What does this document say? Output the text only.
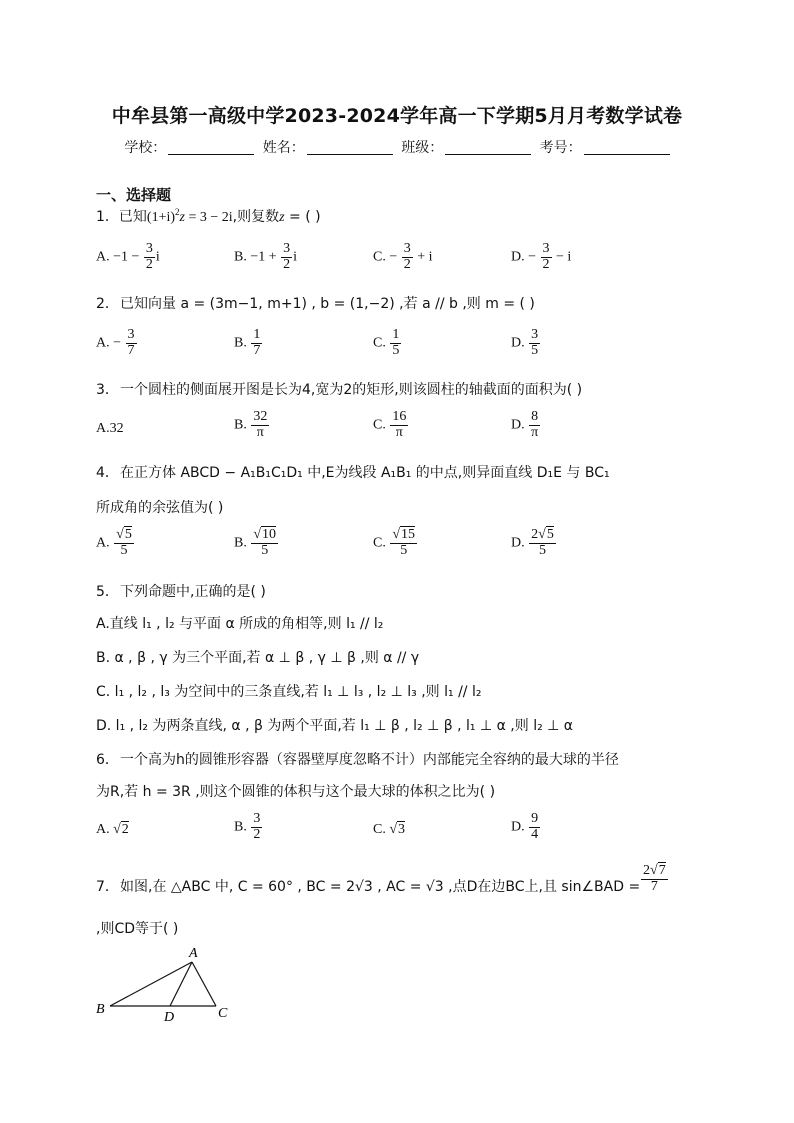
中牟县第一高级中学2023-2024学年高一下学期5月月考数学试卷
学校：	姓名：	班级：	考号：
一、选择题
1．已知$(1+i)^2z = 3 - 2i$,则复数z = ( )
A. $-1 - \frac{3}{2}$ i	B. $-1 + \frac{3}{2}$ i	C. − $\frac{3}{2} + i$	D. − $\frac{3}{2} - i$
2． 已知向量 a = (3m−1, m+1) , b = (1,−2) ,若 a // b ,则 m = ( )
A. − $\frac{3}{7}$	B. $\frac{1}{7}$	C. $\frac{1}{5}$	D. $\frac{3}{5}$
3． 一个圆柱的侧面展开图是长为4,宽为2的矩形,则该圆柱的轴截面的面积为( )
A.32	B. $\frac{32}{\pi}$	C. $\frac{16}{\pi}$	D. $\frac{8}{\pi}$
4． 在正方体 ABCD − A₁B₁C₁D₁ 中,E为线段 A₁B₁ 的中点,则异面直线 D₁E 与 BC₁
所成角的余弦值为( )
A. $\frac{√5}{5}$	B. $\frac{√10}{5}$	C. $\frac{√15}{5}$	D. $\frac{2√5}{5}$
5． 下列命题中,正确的是( )
A.直线 l₁ , l₂ 与平面 α 所成的角相等,则 l₁ // l₂
B. α , β , γ 为三个平面,若 α ⊥ β , γ ⊥ β ,则 α // γ
C. l₁ , l₂ , l₃ 为空间中的三条直线,若 l₁ ⊥ l₃ , l₂ ⊥ l₃ ,则 l₁ // l₂
D. l₁ , l₂ 为两条直线, α , β 为两个平面,若 l₁ ⊥ β , l₂ ⊥ β , l₁ ⊥ α ,则 l₂ ⊥ α
6． 一个高为h的圆锥形容器（容器壁厚度忽略不计）内部能完全容纳的最大球的半径
为R,若 h = 3R ,则这个圆锥的体积与这个最大球的体积之比为( )
A. √2	B. $\frac{3}{2}$	C. √3	D. $\frac{9}{4}$
7． 如图,在 △ABC 中, C = 60° , BC = 2√3 , AC = √3 ,点D在边BC上,且 sin∠BAD = $\frac{2√7}{7}$
,则CD等于( )
A
B	C
D
